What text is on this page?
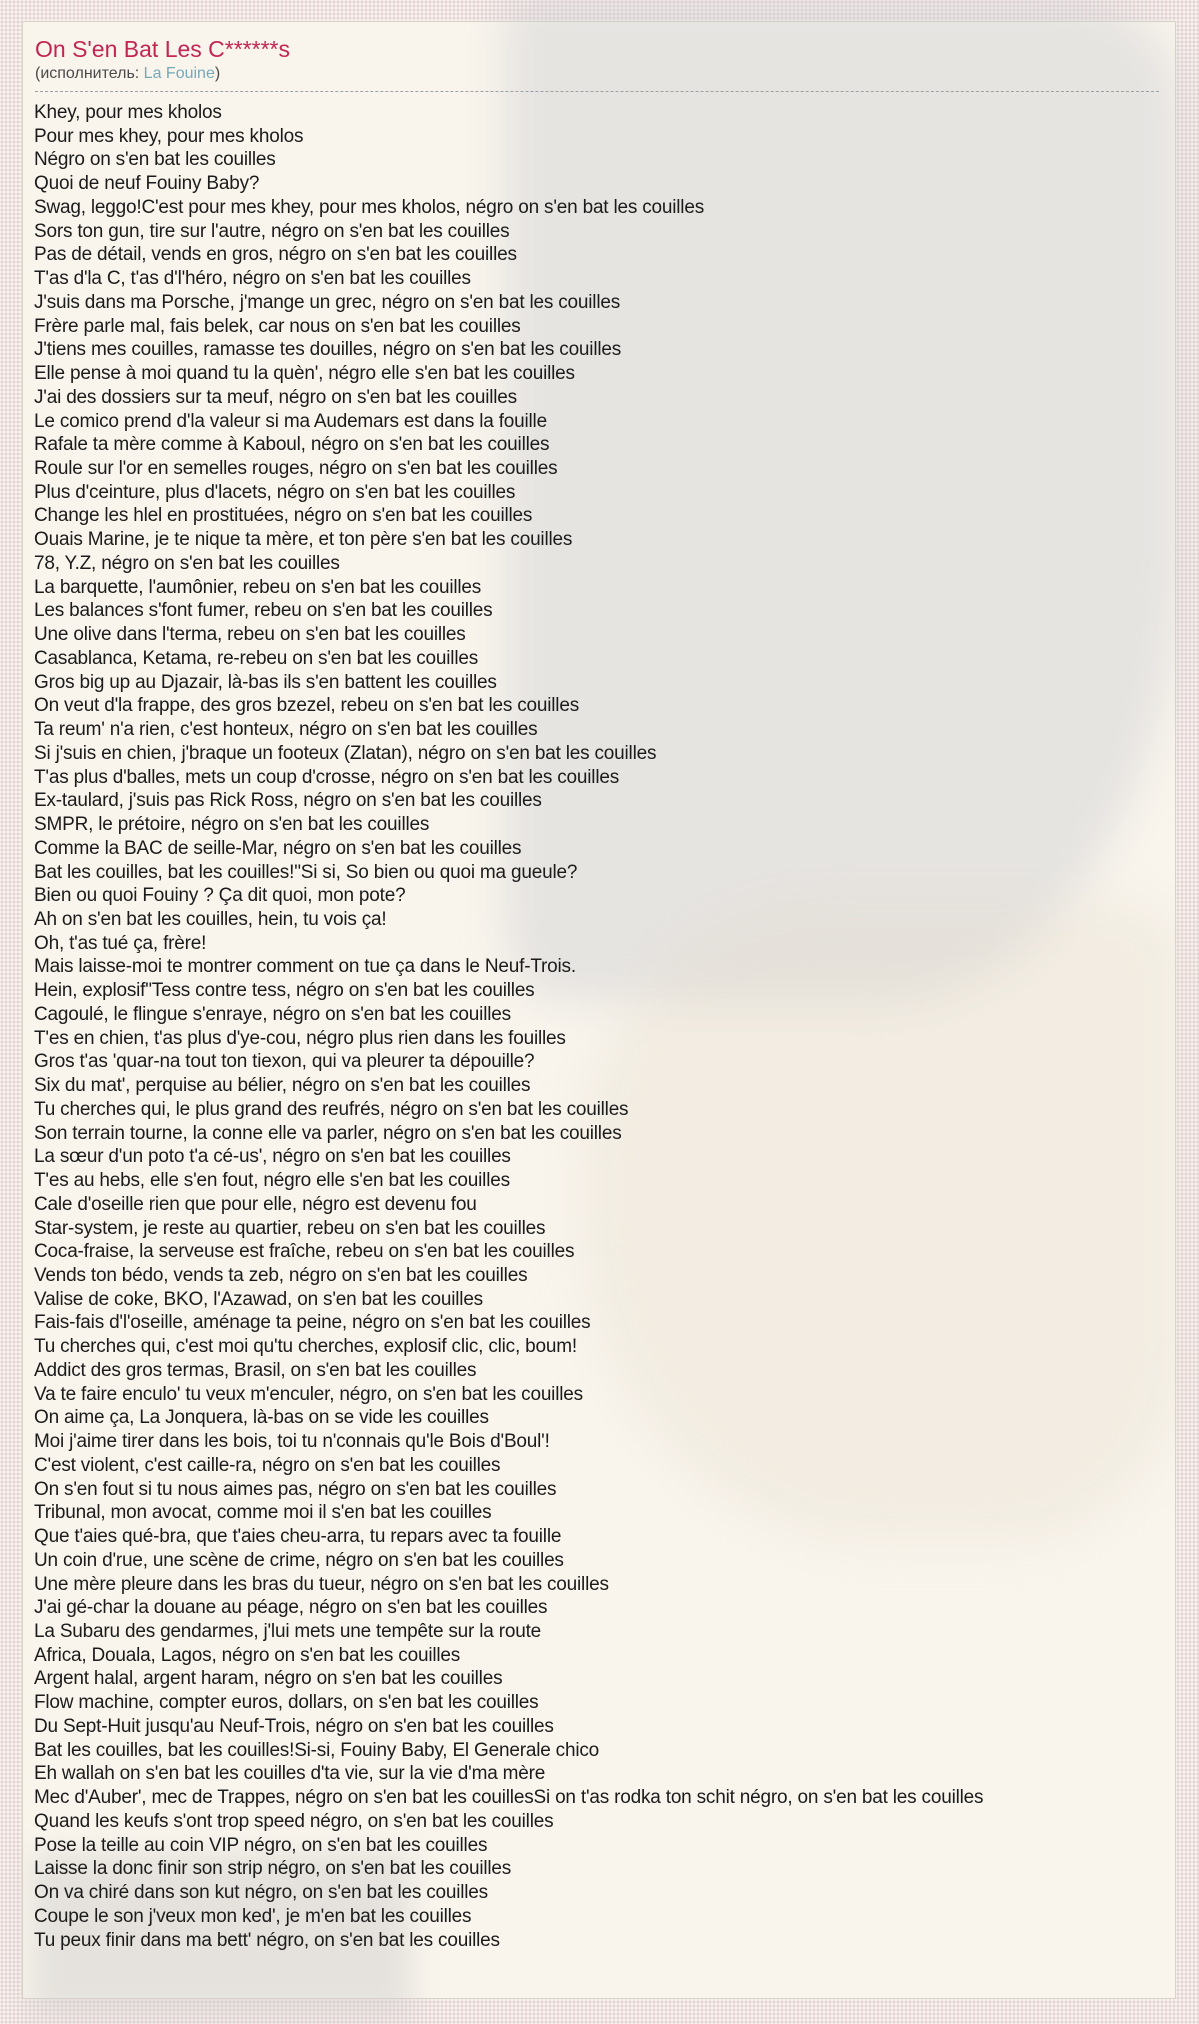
On S'en Bat Les C******s
(исполнитель: La Fouine)
Khey, pour mes kholos
Pour mes khey, pour mes kholos
Négro on s'en bat les couilles
Quoi de neuf Fouiny Baby?
Swag, leggo!C'est pour mes khey, pour mes kholos, négro on s'en bat les couilles
Sors ton gun, tire sur l'autre, négro on s'en bat les couilles
Pas de détail, vends en gros, négro on s'en bat les couilles
T'as d'la C, t'as d'l'héro, négro on s'en bat les couilles
J'suis dans ma Porsche, j'mange un grec, négro on s'en bat les couilles
Frère parle mal, fais belek, car nous on s'en bat les couilles
J'tiens mes couilles, ramasse tes douilles, négro on s'en bat les couilles
Elle pense à moi quand tu la quèn', négro elle s'en bat les couilles
J'ai des dossiers sur ta meuf, négro on s'en bat les couilles
Le comico prend d'la valeur si ma Audemars est dans la fouille
Rafale ta mère comme à Kaboul, négro on s'en bat les couilles
Roule sur l'or en semelles rouges, négro on s'en bat les couilles
Plus d'ceinture, plus d'lacets, négro on s'en bat les couilles
Change les hlel en prostituées, négro on s'en bat les couilles
Ouais Marine, je te nique ta mère, et ton père s'en bat les couilles
78, Y.Z, négro on s'en bat les couilles
La barquette, l'aumônier, rebeu on s'en bat les couilles
Les balances s'font fumer, rebeu on s'en bat les couilles
Une olive dans l'terma, rebeu on s'en bat les couilles
Casablanca, Ketama, re-rebeu on s'en bat les couilles
Gros big up au Djazair, là-bas ils s'en battent les couilles
On veut d'la frappe, des gros bzezel, rebeu on s'en bat les couilles
Ta reum' n'a rien, c'est honteux, négro on s'en bat les couilles
Si j'suis en chien, j'braque un footeux (Zlatan), négro on s'en bat les couilles
T'as plus d'balles, mets un coup d'crosse, négro on s'en bat les couilles
Ex-taulard, j'suis pas Rick Ross, négro on s'en bat les couilles
SMPR, le prétoire, négro on s'en bat les couilles
Comme la BAC de seille-Mar, négro on s'en bat les couilles
Bat les couilles, bat les couilles!"Si si, So bien ou quoi ma gueule?
Bien ou quoi Fouiny ? Ça dit quoi, mon pote?
Ah on s'en bat les couilles, hein, tu vois ça!
Oh, t'as tué ça, frère!
Mais laisse-moi te montrer comment on tue ça dans le Neuf-Trois.
Hein, explosif"Tess contre tess, négro on s'en bat les couilles
Cagoulé, le flingue s'enraye, négro on s'en bat les couilles
T'es en chien, t'as plus d'ye-cou, négro plus rien dans les fouilles
Gros t'as 'quar-na tout ton tiexon, qui va pleurer ta dépouille?
Six du mat', perquise au bélier, négro on s'en bat les couilles
Tu cherches qui, le plus grand des reufrés, négro on s'en bat les couilles
Son terrain tourne, la conne elle va parler, négro on s'en bat les couilles
La sœur d'un poto t'a cé-us', négro on s'en bat les couilles
T'es au hebs, elle s'en fout, négro elle s'en bat les couilles
Cale d'oseille rien que pour elle, négro est devenu fou
Star-system, je reste au quartier, rebeu on s'en bat les couilles
Coca-fraise, la serveuse est fraîche, rebeu on s'en bat les couilles
Vends ton bédo, vends ta zeb, négro on s'en bat les couilles
Valise de coke, BKO, l'Azawad, on s'en bat les couilles
Fais-fais d'l'oseille, aménage ta peine, négro on s'en bat les couilles
Tu cherches qui, c'est moi qu'tu cherches, explosif clic, clic, boum!
Addict des gros termas, Brasil, on s'en bat les couilles
Va te faire enculo' tu veux m'enculer, négro, on s'en bat les couilles
On aime ça, La Jonquera, là-bas on se vide les couilles
Moi j'aime tirer dans les bois, toi tu n'connais qu'le Bois d'Boul'!
C'est violent, c'est caille-ra, négro on s'en bat les couilles
On s'en fout si tu nous aimes pas, négro on s'en bat les couilles
Tribunal, mon avocat, comme moi il s'en bat les couilles
Que t'aies qué-bra, que t'aies cheu-arra, tu repars avec ta fouille
Un coin d'rue, une scène de crime, négro on s'en bat les couilles
Une mère pleure dans les bras du tueur, négro on s'en bat les couilles
J'ai gé-char la douane au péage, négro on s'en bat les couilles
La Subaru des gendarmes, j'lui mets une tempête sur la route
Africa, Douala, Lagos, négro on s'en bat les couilles
Argent halal, argent haram, négro on s'en bat les couilles
Flow machine, compter euros, dollars, on s'en bat les couilles
Du Sept-Huit jusqu'au Neuf-Trois, négro on s'en bat les couilles
Bat les couilles, bat les couilles!Si-si, Fouiny Baby, El Generale chico
Eh wallah on s'en bat les couilles d'ta vie, sur la vie d'ma mère
Mec d'Auber', mec de Trappes, négro on s'en bat les couillesSi on t'as rodka ton schit négro, on s'en bat les couilles
Quand les keufs s'ont trop speed négro, on s'en bat les couilles
Pose la teille au coin VIP négro, on s'en bat les couilles
Laisse la donc finir son strip négro, on s'en bat les couilles
On va chiré dans son kut négro, on s'en bat les couilles
Coupe le son j'veux mon ked', je m'en bat les couilles
Tu peux finir dans ma bett' négro, on s'en bat les couilles
